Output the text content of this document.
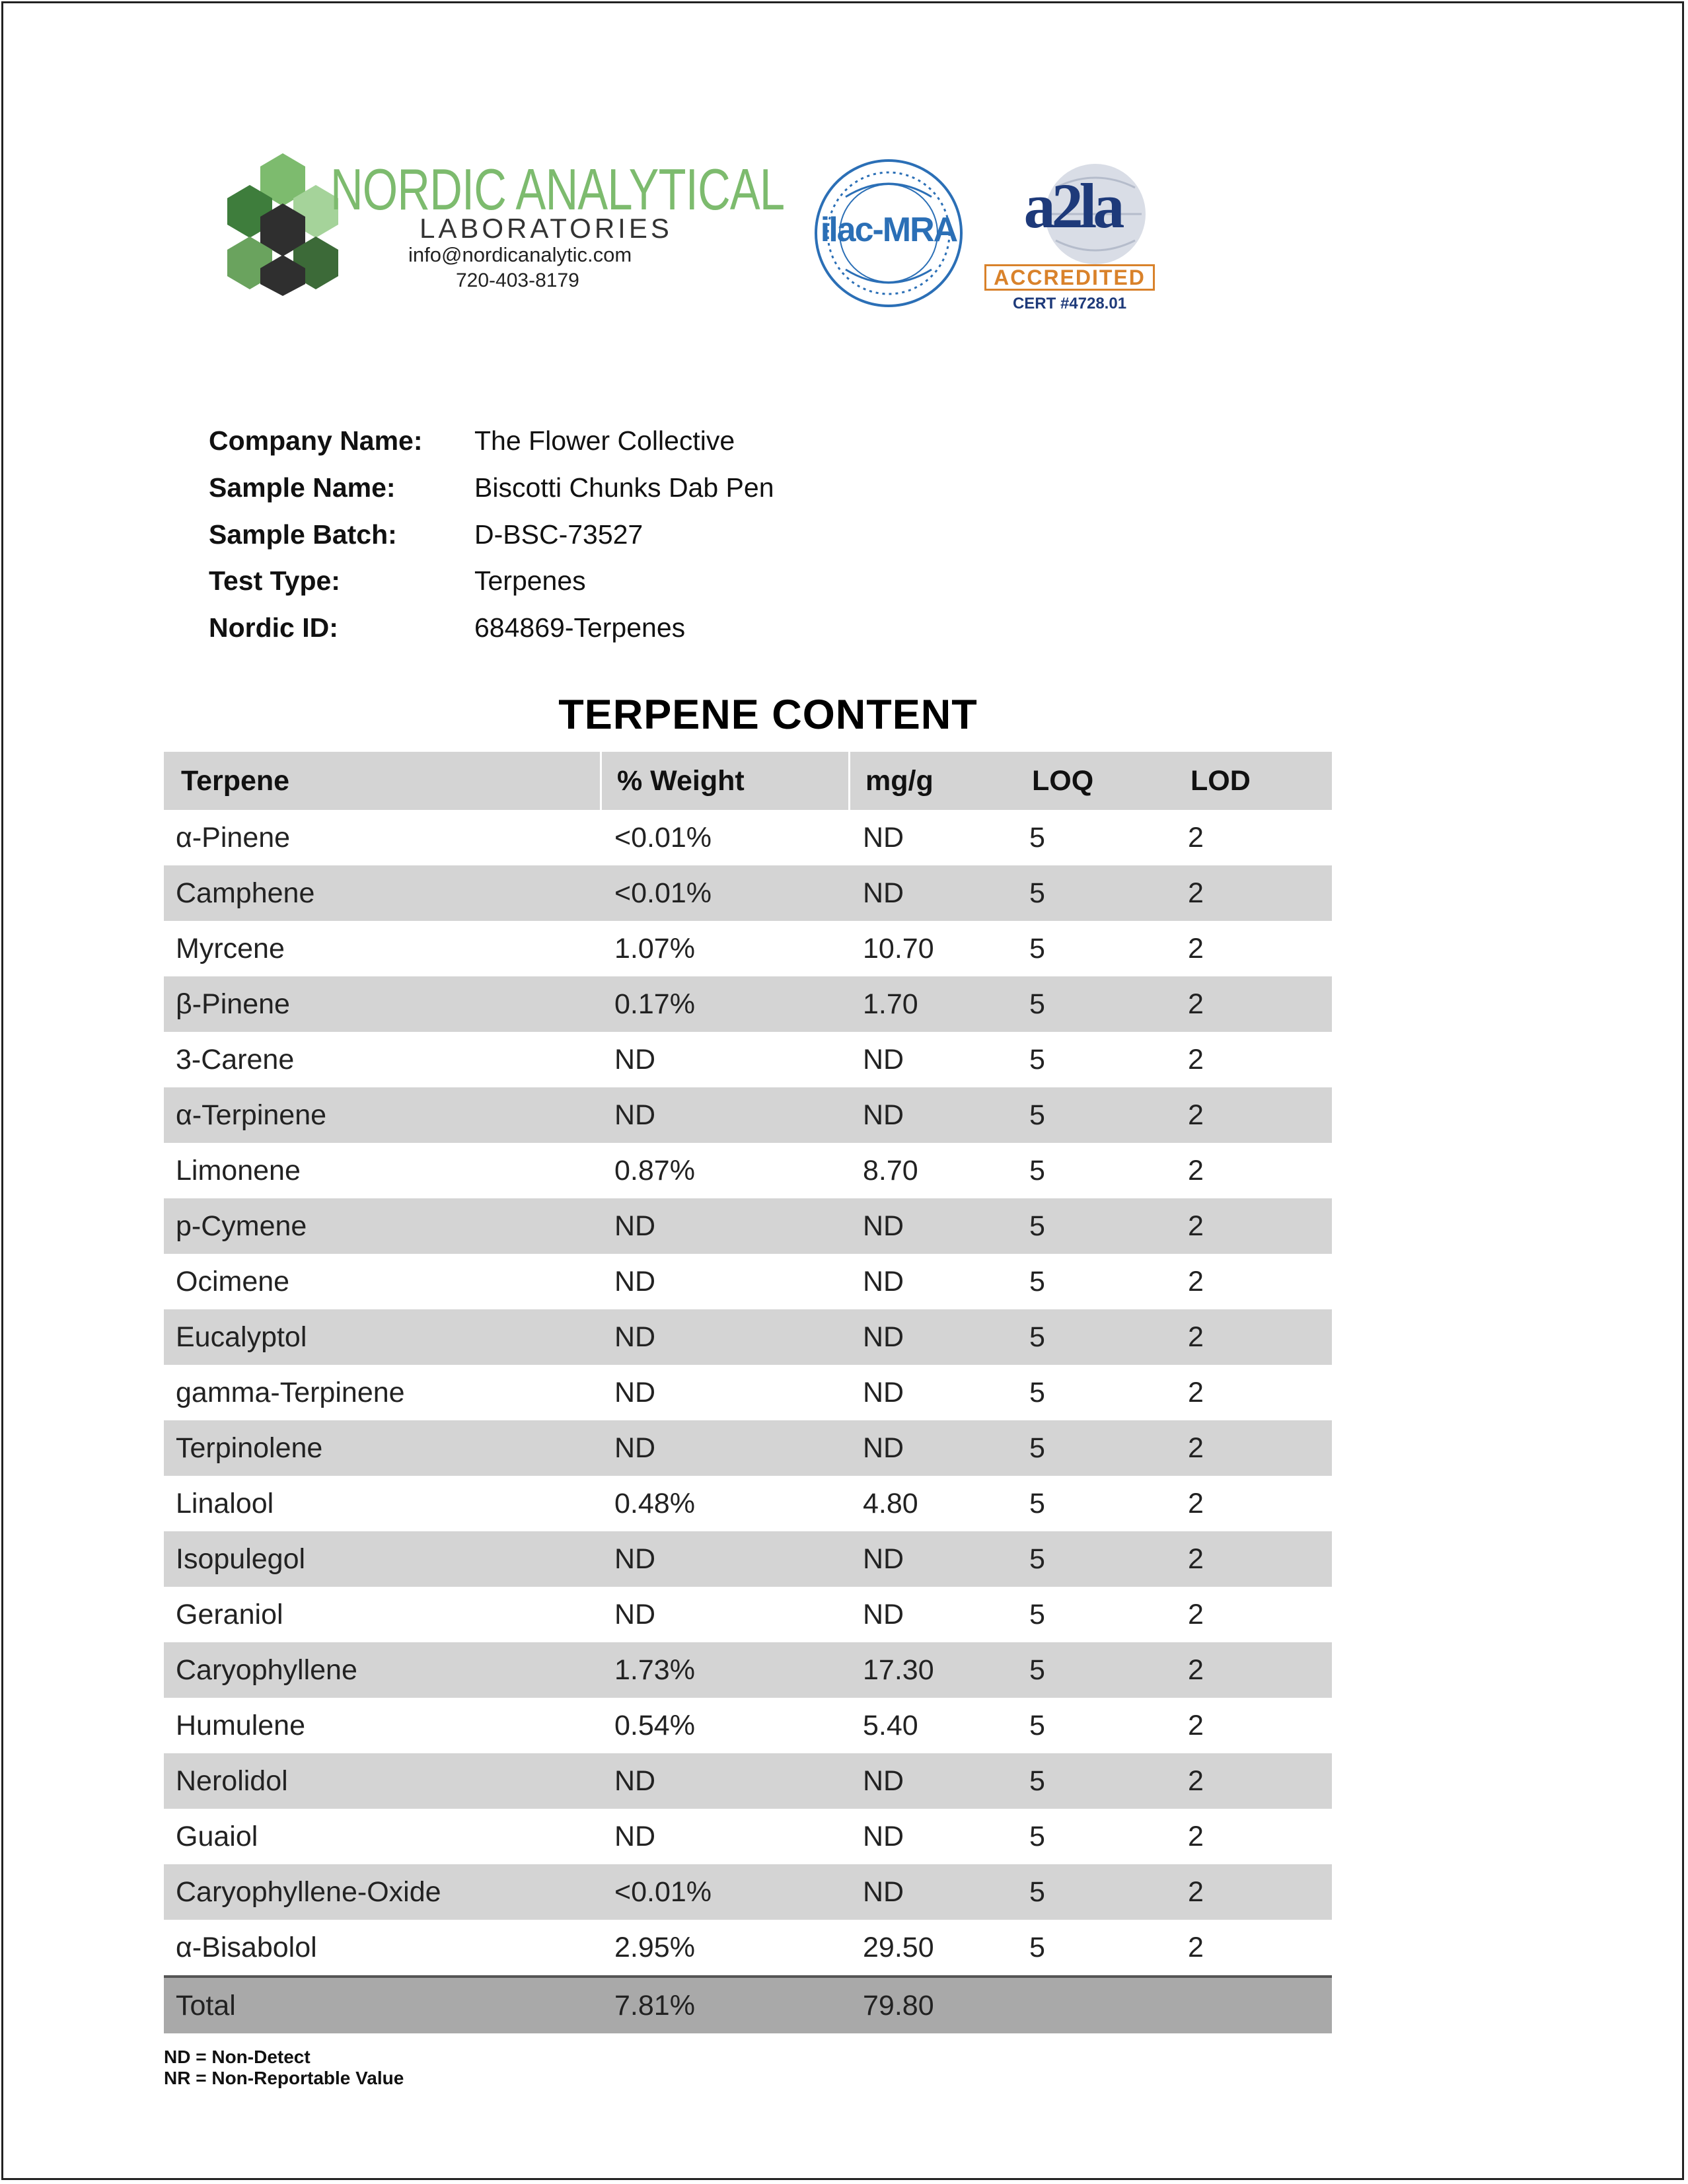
NORDIC ANALYTICAL
LABORATORIES
info@nordicanalytic.com
720-403-8179
ilac-MRA	a2la
ACCREDITED
CERT #4728.01
Company Name: The Flower Collective
Sample Name:	Biscotti Chunks Dab Pen
Sample Batch:	D-BSC-73527
Test Type:	Terpenes
Nordic ID:	684869-Terpenes
TERPENE CONTENT
Terpene	% Weight	mg/g	LOQ	LOD
α-Pinene	<0.01%	ND	5	2
Camphene	<0.01%	ND	5	2
Myrcene	1.07%	10.70	5	2
β-Pinene	0.17%	1.70	5	2
3-Carene	ND	ND	5	2
α-Terpinene	ND	ND	5	2
Limonene	0.87%	8.70	5	2
p-Cymene	ND	ND	5	2
Ocimene	ND	ND	5	2
Eucalyptol	ND	ND	5	2
gamma-Terpinene	ND	ND	5	2
Terpinolene	ND	ND	5	2
Linalool	0.48%	4.80	5	2
Isopulegol	ND	ND	5	2
Geraniol	ND	ND	5	2
Caryophyllene	1.73%	17.30	5	2
Humulene	0.54%	5.40	5	2
Nerolidol	ND	ND	5	2
Guaiol	ND	ND	5	2
Caryophyllene-Oxide	<0.01%	ND	5	2
α-Bisabolol	2.95%	29.50	5	2
Total	7.81%	79.80
ND = Non-Detect
NR = Non-Reportable Value
